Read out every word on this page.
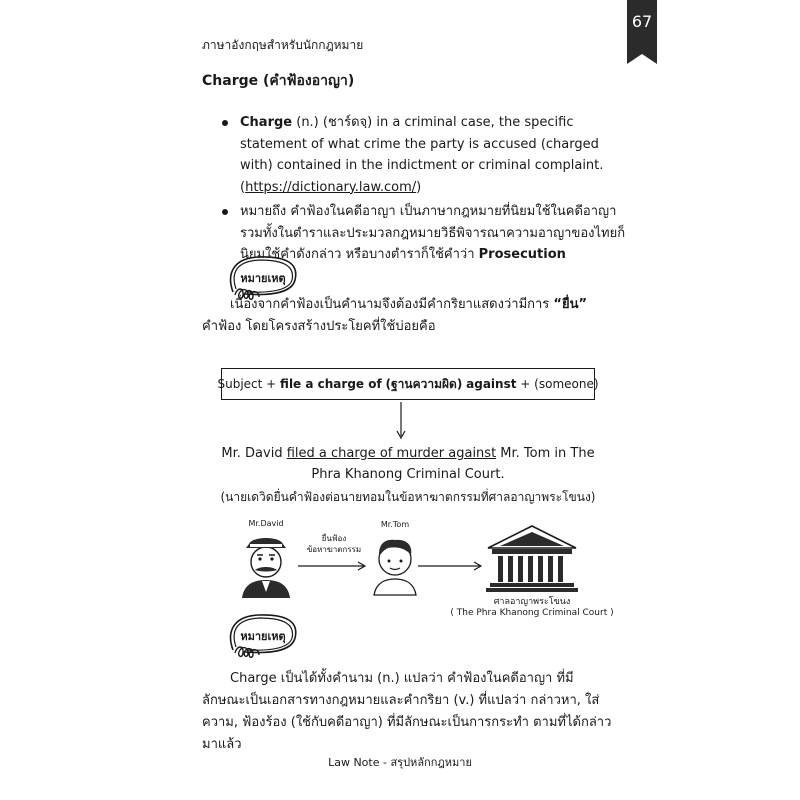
67
ภาษาอังกฤษสำหรับนักกฎหมาย
Charge (คำฟ้องอาญา)
Charge (n.) (ชาร์ดจฺ) in a criminal case, the specific statement of what crime the party is accused (charged with) contained in the indictment or criminal complaint. (https://dictionary.law.com/)
หมายถึง คำฟ้องในคดีอาญา เป็นภาษากฎหมายที่นิยมใช้ในคดีอาญา รวมทั้งในตำราและประมวลกฎหมายวิธีพิจารณาความอาญาของไทยก็นิยมใช้คำดังกล่าว หรือบางตำราก็ใช้คำว่า Prosecution
หมายเหตุ
เนื่องจากคำฟ้องเป็นคำนามจึงต้องมีคำกริยาแสดงว่ามีการ “ยื่น” คำฟ้อง โดยโครงสร้างประโยคที่ใช้บ่อยคือ
Subject +
file a charge of
(ฐานความผิด)
against
+ (someone)
Mr. David filed a charge of murder against Mr. Tom in The Phra Khanong Criminal Court.
(นายเดวิดยื่นคำฟ้องต่อนายทอมในข้อหาฆาตกรรมที่ศาลอาญาพระโขนง)
Mr.David
ยื่นฟ้อง
ข้อหาฆาตกรรม
Mr.Tom
ศาลอาญาพระโขนง
( The Phra Khanong Criminal Court )
หมายเหตุ
Charge เป็นได้ทั้งคำนาม (n.) แปลว่า คำฟ้องในคดีอาญา ที่มีลักษณะเป็นเอกสารทางกฎหมายและคำกริยา (v.) ที่แปลว่า กล่าวหา, ใส่ความ, ฟ้องร้อง (ใช้กับคดีอาญา) ที่มีลักษณะเป็นการกระทำ ตามที่ได้กล่าวมาแล้ว
Law Note - สรุปหลักกฎหมาย
